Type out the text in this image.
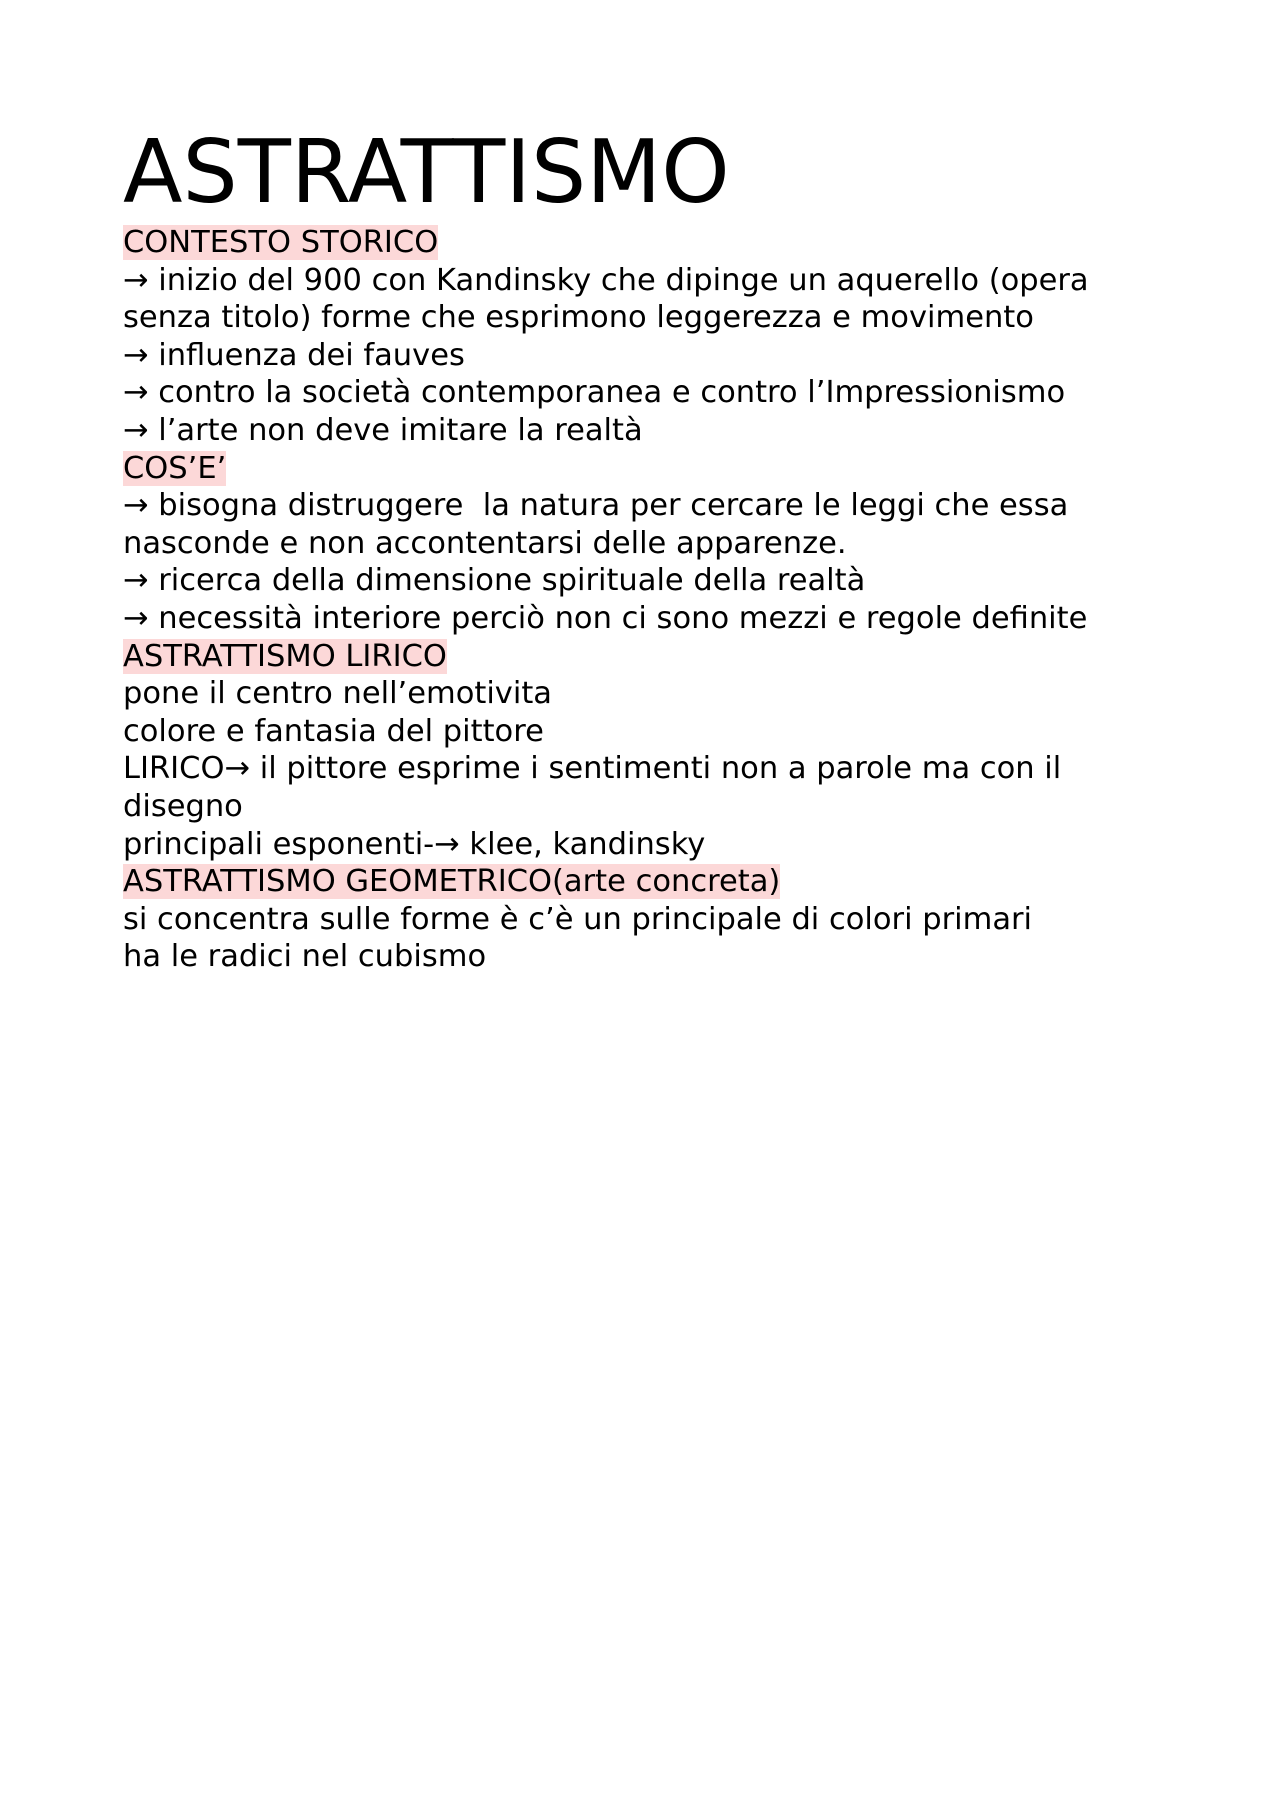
ASTRATTISMO

CONTESTO STORICO

→ inizio del 900 con Kandinsky che dipinge un aquerello (opera

senza titolo) forme che esprimono leggerezza e movimento

→ influenza dei fauves

→ contro la società contemporanea e contro l’Impressionismo

→ l’arte non deve imitare la realtà

COS’E’

→ bisogna distruggere  la natura per cercare le leggi che essa

nasconde e non accontentarsi delle apparenze.

→ ricerca della dimensione spirituale della realtà

→ necessità interiore perciò non ci sono mezzi e regole definite

ASTRATTISMO LIRICO

pone il centro nell’emotivita

colore e fantasia del pittore

LIRICO→ il pittore esprime i sentimenti non a parole ma con il

disegno

principali esponenti-→ klee, kandinsky

ASTRATTISMO GEOMETRICO(arte concreta)

si concentra sulle forme è c’è un principale di colori primari

ha le radici nel cubismo
